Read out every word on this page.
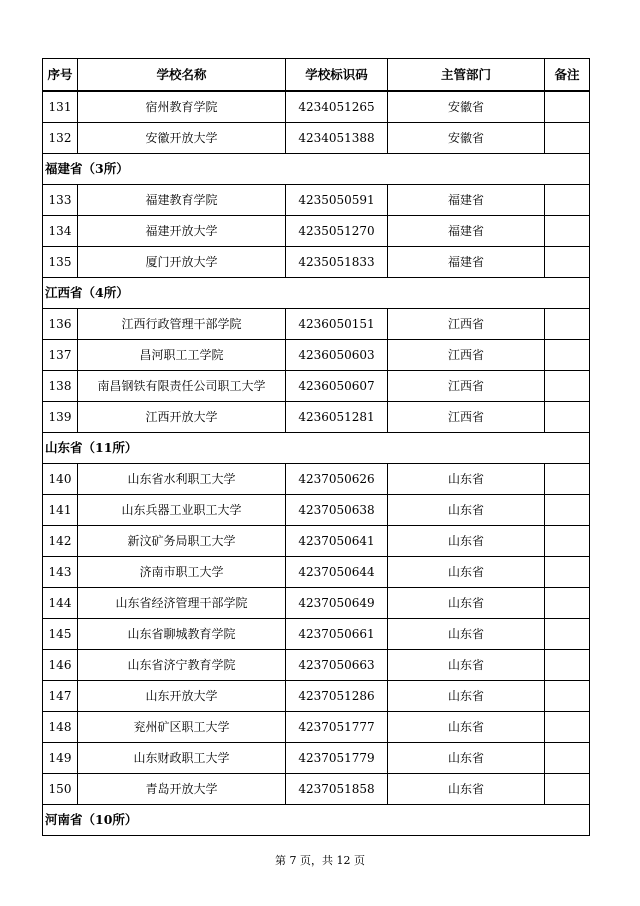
序号	学校名称	学校标识码	主管部门	备注
131	宿州教育学院	4234051265	安徽省	
132	安徽开放大学	4234051388	安徽省	
福建省（3所）				
133	福建教育学院	4235050591	福建省	
134	福建开放大学	4235051270	福建省	
135	厦门开放大学	4235051833	福建省	
江西省（4所）				
136	江西行政管理干部学院	4236050151	江西省	
137	昌河职工工学院	4236050603	江西省	
138	南昌钢铁有限责任公司职工大学	4236050607	江西省	
139	江西开放大学	4236051281	江西省	
山东省（11所）				
140	山东省水利职工大学	4237050626	山东省	
141	山东兵器工业职工大学	4237050638	山东省	
142	新汶矿务局职工大学	4237050641	山东省	
143	济南市职工大学	4237050644	山东省	
144	山东省经济管理干部学院	4237050649	山东省	
145	山东省聊城教育学院	4237050661	山东省	
146	山东省济宁教育学院	4237050663	山东省	
147	山东开放大学	4237051286	山东省	
148	兖州矿区职工大学	4237051777	山东省	
149	山东财政职工大学	4237051779	山东省	
150	青岛开放大学	4237051858	山东省	
河南省（10所）				
第 7 页，共 12 页
